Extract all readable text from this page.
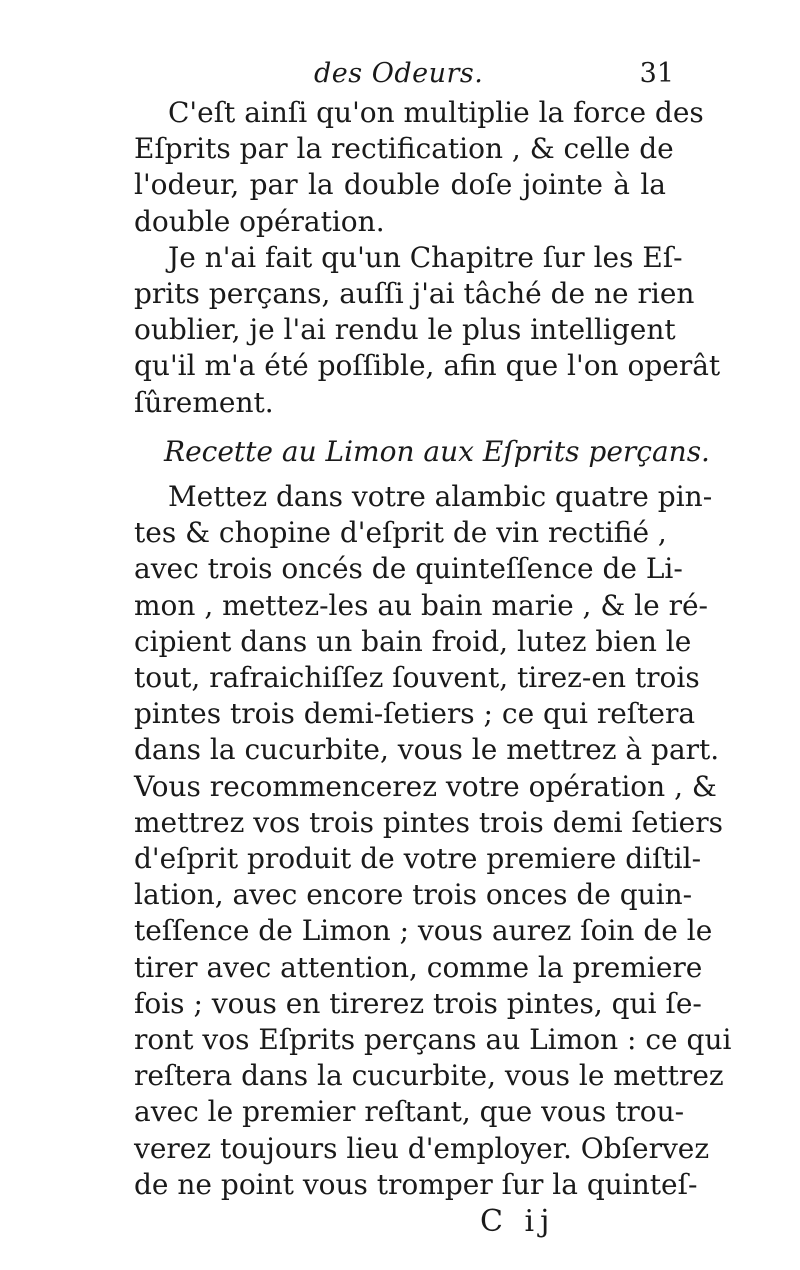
des Odeurs.	31
Recette au Limon aux Eſprits perçans.
C ij
C'eſt ainſi qu'on multiplie la force des
Eſprits par la rectification , & celle de
l'odeur, par la double doſe jointe à la
double opération.
Je n'ai fait qu'un Chapitre ſur les Eſ-
prits perçans, auſſi j'ai tâché de ne rien
oublier, je l'ai rendu le plus intelligent
qu'il m'a été poſſible, afin que l'on operât
ſûrement.
Mettez dans votre alambic quatre pin-
tes & chopine d'eſprit de vin rectifié ,
avec trois oncés de quinteſſence de Li-
mon , mettez-les au bain marie , & le ré-
cipient dans un bain froid, lutez bien le
tout, rafraichiſſez ſouvent, tirez-en trois
pintes trois demi-ſetiers ; ce qui reſtera
dans la cucurbite, vous le mettrez à part.
Vous recommencerez votre opération , &
mettrez vos trois pintes trois demi ſetiers
d'eſprit produit de votre premiere diſtil-
lation, avec encore trois onces de quin-
teſſence de Limon ; vous aurez ſoin de le
tirer avec attention, comme la premiere
fois ; vous en tirerez trois pintes, qui ſe-
ront vos Eſprits perçans au Limon : ce qui
reſtera dans la cucurbite, vous le mettrez
avec le premier reſtant, que vous trou-
verez toujours lieu d'employer. Obſervez
de ne point vous tromper ſur la quinteſ-
